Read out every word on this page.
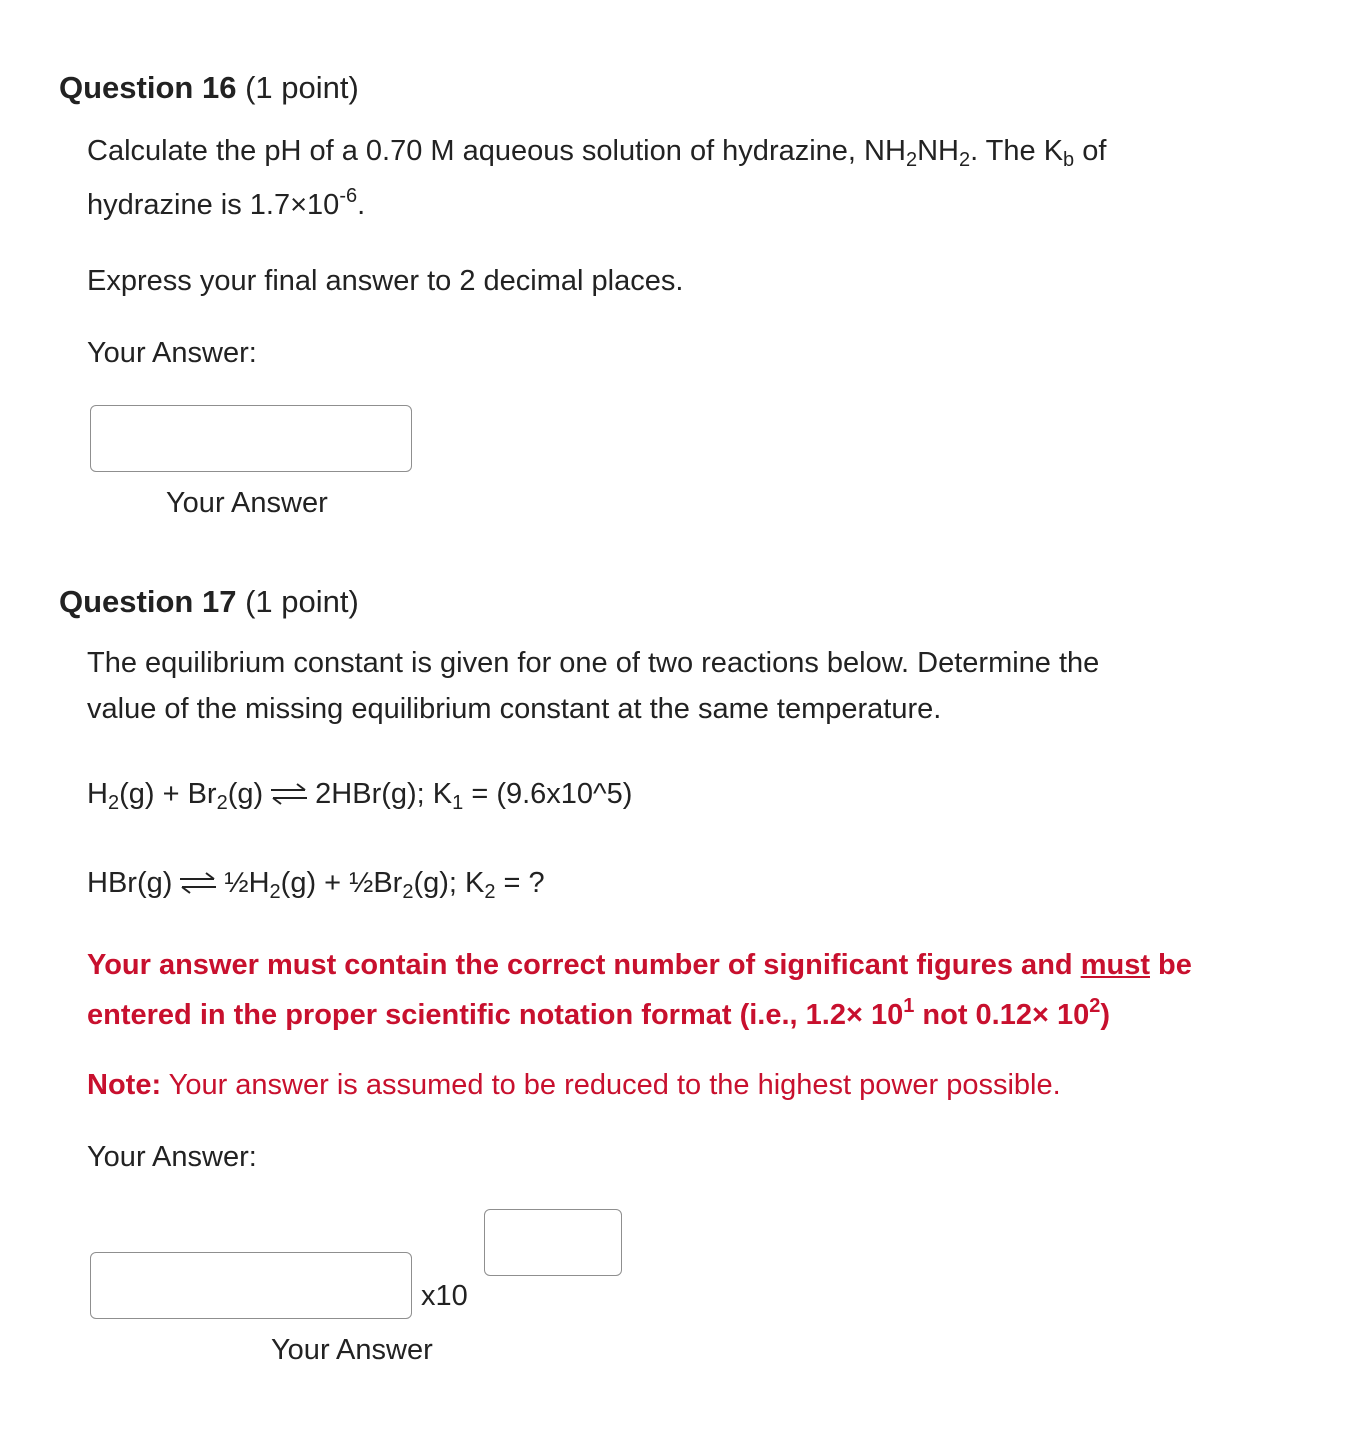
Question 16 (1 point)
Calculate the pH of a 0.70 M aqueous solution of hydrazine, $NH_2NH_2$. The $K_b$ of
hydrazine is $1.7\times 10^{-6}$.
Express your final answer to 2 decimal places.
Your Answer:
Your Answer
Question 17 (1 point)
The equilibrium constant is given for one of two reactions below. Determine the
value of the missing equilibrium constant at the same temperature.
$H_2(g) + Br_2(g)$ ⇌ 2HBr(g); $K_1$ = (9.6x10^5)
HBr(g) ⇌ $\frac{1}{2}H_2(g)$ + $\frac{1}{2}Br_2(g)$; $K_2$ = ?
Your answer must contain the correct number of significant figures and must be
entered in the proper scientific notation format (i.e., $1.2\times 10^1$ not $0.12\times 10^2$)
Note: Your answer is assumed to be reduced to the highest power possible.
Your Answer:
x10
Your Answer
